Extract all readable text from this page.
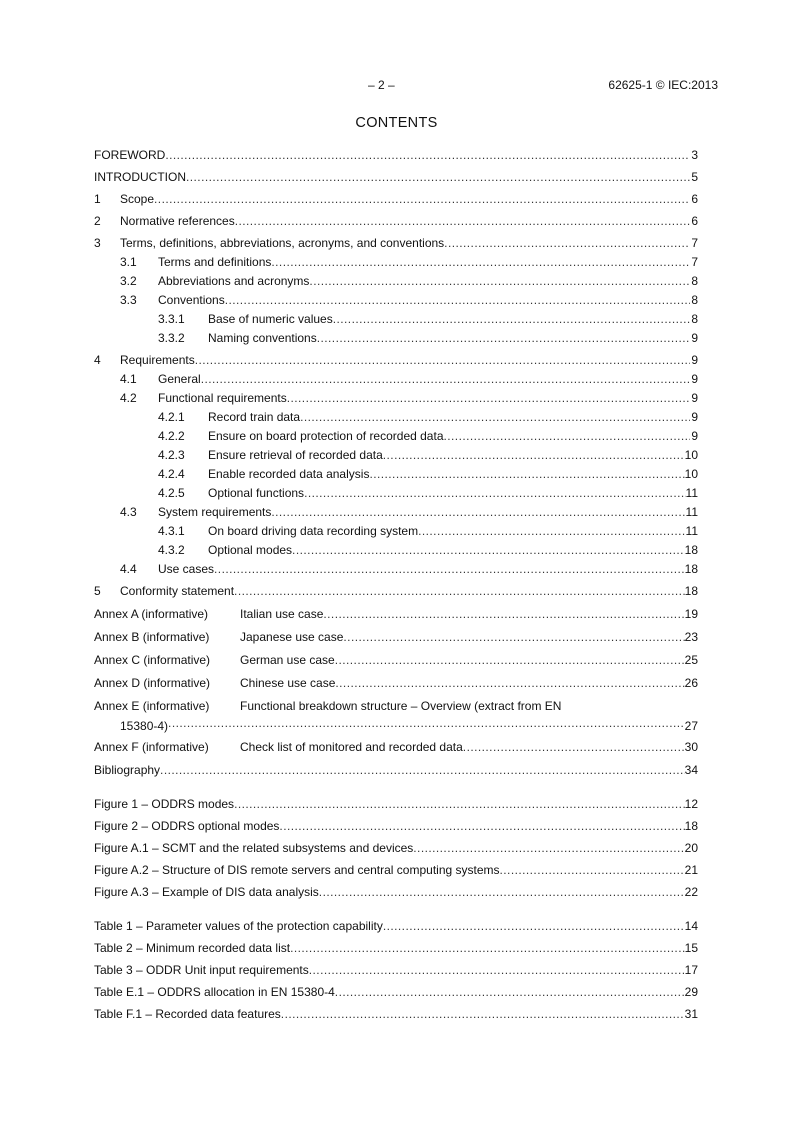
– 2 –	62625-1 © IEC:2013
CONTENTS
FOREWORD . . .	3
INTRODUCTION . . .	5
1	Scope . . .	6
2	Normative references . . .	6
3	Terms, definitions, abbreviations, acronyms, and conventions . . .	7
3.1	Terms and definitions . . .	7
3.2	Abbreviations and acronyms . . .	8
3.3	Conventions . . .	8
3.3.1	Base of numeric values . . .	8
3.3.2	Naming conventions . . .	9
4	Requirements . . .	9
4.1	General . . .	9
4.2	Functional requirements . . .	9
4.2.1	Record train data . . .	9
4.2.2	Ensure on board protection of recorded data . . .	9
4.2.3	Ensure retrieval of recorded data . . .	10
4.2.4	Enable recorded data analysis . . .	10
4.2.5	Optional functions . . .	11
4.3	System requirements . . .	11
4.3.1	On board driving data recording system . . .	11
4.3.2	Optional modes . . .	18
4.4	Use cases . . .	18
5	Conformity statement . . .	18
Annex A (informative)	Italian use case . . .	19
Annex B (informative)	Japanese use case . . .	23
Annex C (informative)	German use case . . .	25
Annex D (informative)	Chinese use case . . .	26
Annex E (informative)	Functional breakdown structure – Overview (extract from EN
15380-4) . . .	27
Annex F (informative)	Check list of monitored and recorded data . . .	30
Bibliography . . .	34
Figure 1 – ODDRS modes . . .	12
Figure 2 – ODDRS optional modes . . .	18
Figure A.1 – SCMT and the related subsystems and devices . . .	20
Figure A.2 – Structure of DIS remote servers and central computing systems . . .	21
Figure A.3 – Example of DIS data analysis . . .	22
Table 1 – Parameter values of the protection capability . . .	14
Table 2 – Minimum recorded data list . . .	15
Table 3 – ODDR Unit input requirements . . .	17
Table E.1 – ODDRS allocation in EN 15380-4 . . .	29
Table F.1 – Recorded data features . . .	31
